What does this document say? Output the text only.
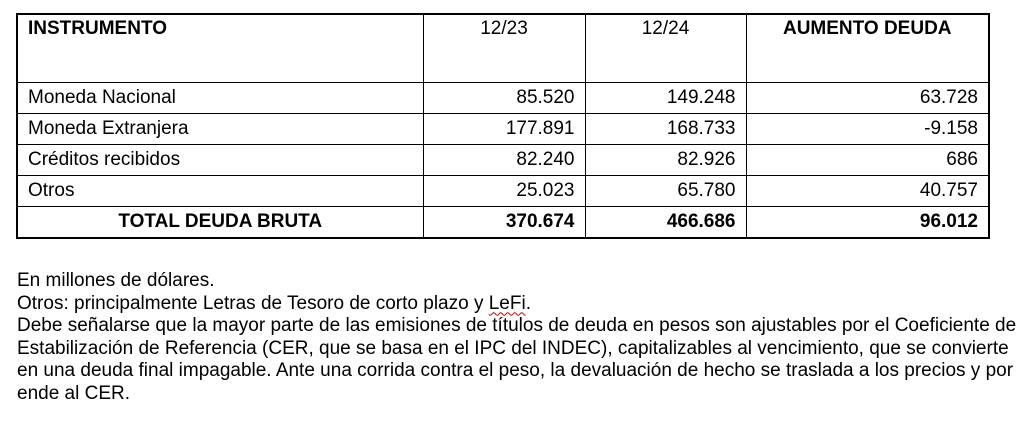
INSTRUMENTO	12/23	12/24	AUMENTO DEUDA
Moneda Nacional	85.520	149.248	63.728
Moneda Extranjera	177.891	168.733	-9.158
Créditos recibidos	82.240	82.926	686
Otros	25.023	65.780	40.757
TOTAL DEUDA BRUTA	370.674	466.686	96.012

En millones de dólares.

Otros: principalmente Letras de Tesoro de corto plazo y LeFi.

Debe señalarse que la mayor parte de las emisiones de títulos de deuda en pesos son ajustables por el Coeficiente de Estabilización de Referencia (CER, que se basa en el IPC del INDEC), capitalizables al vencimiento, que se convierte en una deuda final impagable. Ante una corrida contra el peso, la devaluación de hecho se traslada a los precios y por ende al CER.
